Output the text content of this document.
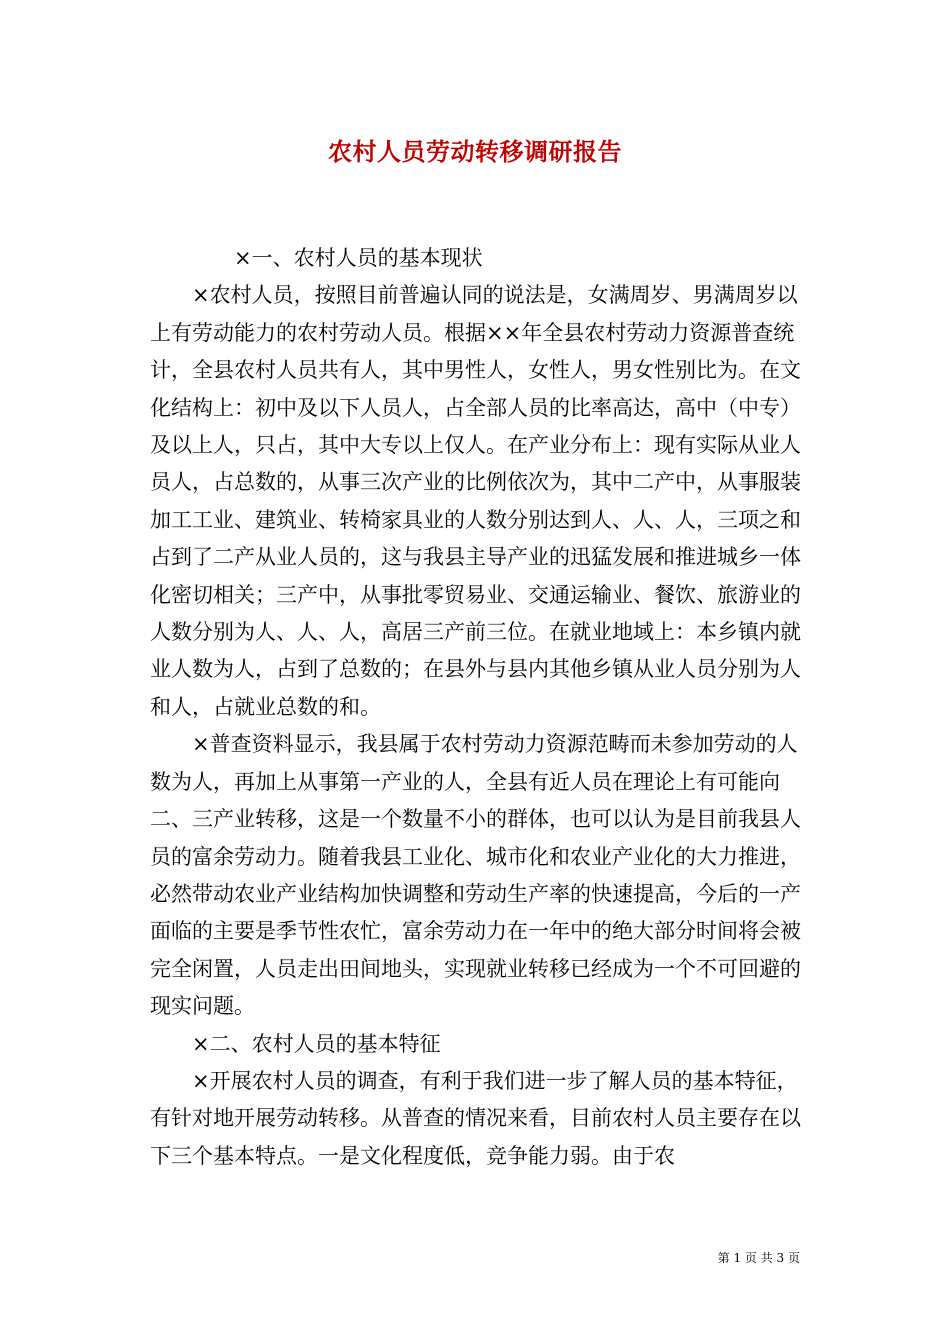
农村人员劳动转移调研报告

×一、农村人员的基本现状

×农村人员，按照目前普遍认同的说法是，女满周岁、男满周岁以上有劳动能力的农村劳动人员。根据××年全县农村劳动力资源普查统计，全县农村人员共有人，其中男性人，女性人，男女性别比为。在文化结构上：初中及以下人员人，占全部人员的比率高达，高中（中专）及以上人，只占，其中大专以上仅人。在产业分布上：现有实际从业人员人，占总数的，从事三次产业的比例依次为，其中二产中，从事服装加工工业、建筑业、转椅家具业的人数分别达到人、人、人，三项之和占到了二产从业人员的，这与我县主导产业的迅猛发展和推进城乡一体化密切相关；三产中，从事批零贸易业、交通运输业、餐饮、旅游业的人数分别为人、人、人，高居三产前三位。在就业地域上：本乡镇内就业人数为人，占到了总数的；在县外与县内其他乡镇从业人员分别为人和人，占就业总数的和。

×普查资料显示，我县属于农村劳动力资源范畴而未参加劳动的人数为人，再加上从事第一产业的人，全县有近人员在理论上有可能向二、三产业转移，这是一个数量不小的群体，也可以认为是目前我县人员的富余劳动力。随着我县工业化、城市化和农业产业化的大力推进，必然带动农业产业结构加快调整和劳动生产率的快速提高，今后的一产面临的主要是季节性农忙，富余劳动力在一年中的绝大部分时间将会被完全闲置，人员走出田间地头，实现就业转移已经成为一个不可回避的现实问题。

×二、农村人员的基本特征

×开展农村人员的调查，有利于我们进一步了解人员的基本特征，有针对地开展劳动转移。从普查的情况来看，目前农村人员主要存在以下三个基本特点。一是文化程度低，竞争能力弱。由于农

第 1 页 共 3 页
